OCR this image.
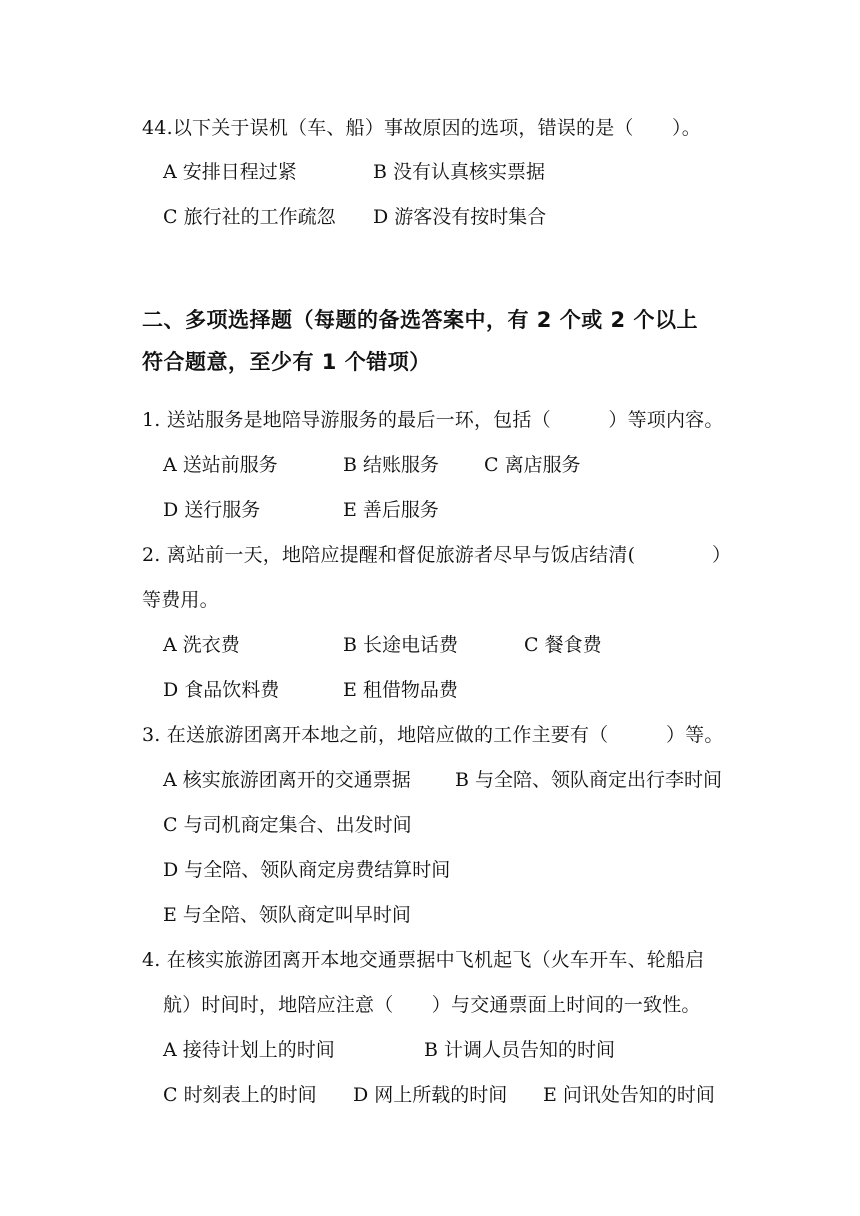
44.以下关于误机（车、船）事故原因的选项，错误的是（　　）。
A 安排日程过紧	B 没有认真核实票据
C 旅行社的工作疏忽 D 游客没有按时集合
二、多项选择题（每题的备选答案中，有 2 个或 2 个以上
符合题意，至少有 1 个错项）
1. 送站服务是地陪导游服务的最后一环，包括（　　　）等项内容。
A 送站前服务	B 结账服务 C 离店服务
D 送行服务	E 善后服务
2. 离站前一天，地陪应提醒和督促旅游者尽早与饭店结清(　　　　）
等费用。
A 洗衣费	B 长途电话费	C 餐食费
D 食品饮料费	E 租借物品费
3. 在送旅游团离开本地之前，地陪应做的工作主要有（　　　）等。
A 核实旅游团离开的交通票据 B 与全陪、领队商定出行李时间
C 与司机商定集合、出发时间
D 与全陪、领队商定房费结算时间
E 与全陪、领队商定叫早时间
4. 在核实旅游团离开本地交通票据中飞机起飞（火车开车、轮船启
航）时间时，地陪应注意（　　）与交通票面上时间的一致性。
A 接待计划上的时间	B 计调人员告知的时间
C 时刻表上的时间 D 网上所载的时间 E 问讯处告知的时间
